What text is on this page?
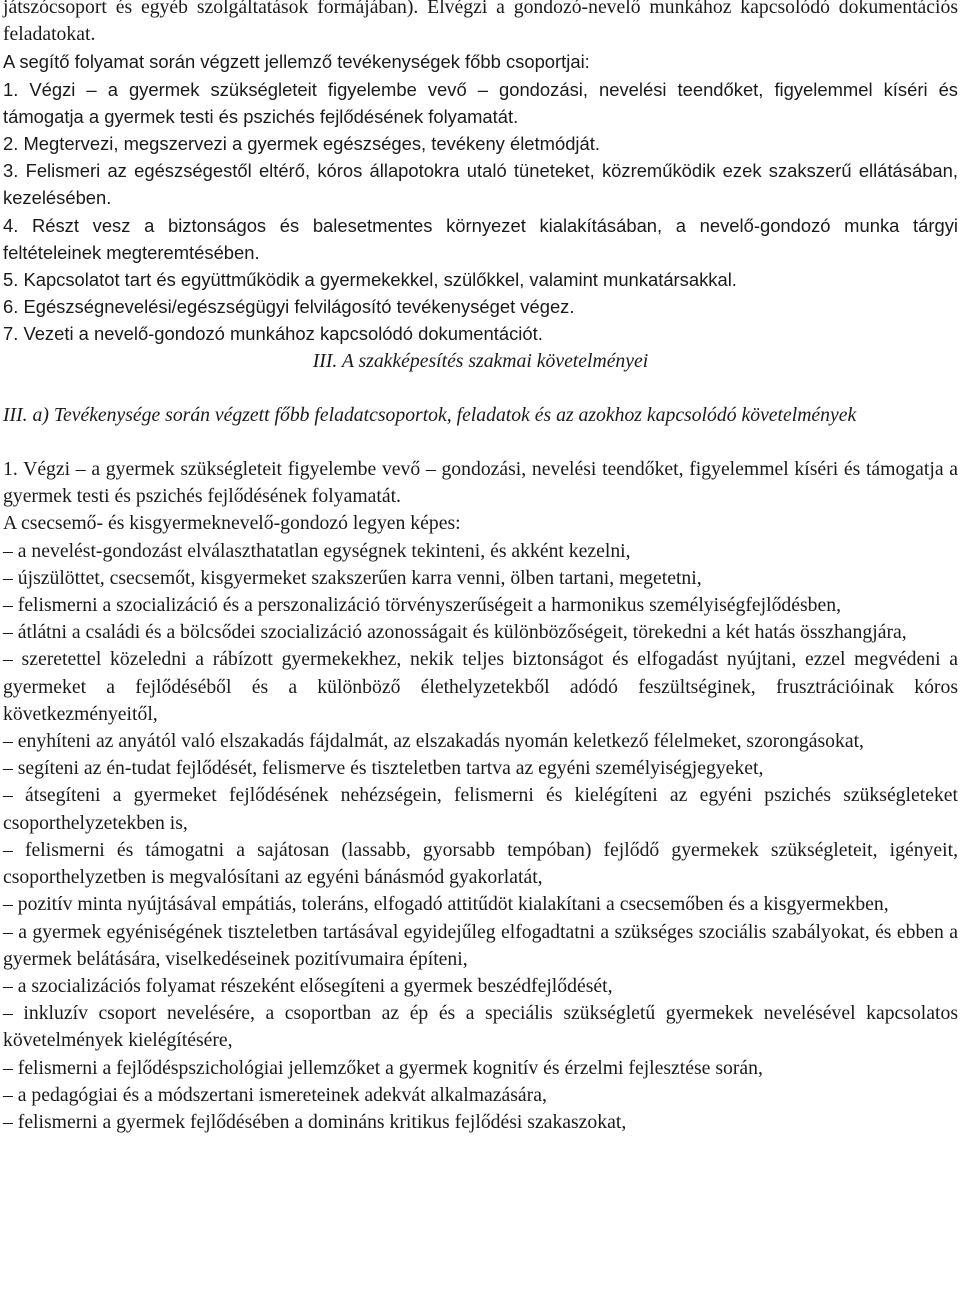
játszócsoport és egyéb szolgáltatások formájában). Elvégzi a gondozó-nevelő munkához kapcsolódó dokumentációs feladatokat.

A segítő folyamat során végzett jellemző tevékenységek főbb csoportjai:

1. Végzi – a gyermek szükségleteit figyelembe vevő – gondozási, nevelési teendőket, figyelemmel kíséri és támogatja a gyermek testi és pszichés fejlődésének folyamatát.

2. Megtervezi, megszervezi a gyermek egészséges, tevékeny életmódját.

3. Felismeri az egészségestől eltérő, kóros állapotokra utaló tüneteket, közreműködik ezek szakszerű ellátásában, kezelésében.

4. Részt vesz a biztonságos és balesetmentes környezet kialakításában, a nevelő-gondozó munka tárgyi feltételeinek megteremtésében.

5. Kapcsolatot tart és együttműködik a gyermekekkel, szülőkkel, valamint munkatársakkal.

6. Egészségnevelési/egészségügyi felvilágosító tevékenységet végez.

7. Vezeti a nevelő-gondozó munkához kapcsolódó dokumentációt.

III. A szakképesítés szakmai követelményei

III. a) Tevékenysége során végzett főbb feladatcsoportok, feladatok és az azokhoz kapcsolódó követelmények

1. Végzi – a gyermek szükségleteit figyelembe vevő – gondozási, nevelési teendőket, figyelemmel kíséri és támogatja a gyermek testi és pszichés fejlődésének folyamatát.

A csecsemő- és kisgyermeknevelő-gondozó legyen képes:

– a nevelést-gondozást elválaszthatatlan egységnek tekinteni, és akként kezelni,

– újszülöttet, csecsemőt, kisgyermeket szakszerűen karra venni, ölben tartani, megetetni,

– felismerni a szocializáció és a perszonalizáció törvényszerűségeit a harmonikus személyiségfejlődésben,

– átlátni a családi és a bölcsődei szocializáció azonosságait és különbözőségeit, törekedni a két hatás összhangjára,

– szeretettel közeledni a rábízott gyermekekhez, nekik teljes biztonságot és elfogadást nyújtani, ezzel megvédeni a gyermeket a fejlődéséből és a különböző élethelyzetekből adódó feszültséginek, frusztrációinak kóros következményeitől,

– enyhíteni az anyától való elszakadás fájdalmát, az elszakadás nyomán keletkező félelmeket, szorongásokat,

– segíteni az én-tudat fejlődését, felismerve és tiszteletben tartva az egyéni személyiségjegyeket,

– átsegíteni a gyermeket fejlődésének nehézségein, felismerni és kielégíteni az egyéni pszichés szükségleteket csoporthelyzetekben is,

– felismerni és támogatni a sajátosan (lassabb, gyorsabb tempóban) fejlődő gyermekek szükségleteit, igényeit, csoporthelyzetben is megvalósítani az egyéni bánásmód gyakorlatát,

– pozitív minta nyújtásával empátiás, toleráns, elfogadó attitűdöt kialakítani a csecsemőben és a kisgyermekben,

– a gyermek egyéniségének tiszteletben tartásával egyidejűleg elfogadtatni a szükséges szociális szabályokat, és ebben a gyermek belátására, viselkedéseinek pozitívumaira építeni,

– a szocializációs folyamat részeként elősegíteni a gyermek beszédfejlődését,

– inkluzív csoport nevelésére, a csoportban az ép és a speciális szükségletű gyermekek nevelésével kapcsolatos követelmények kielégítésére,

– felismerni a fejlődéspszichológiai jellemzőket a gyermek kognitív és érzelmi fejlesztése során,

– a pedagógiai és a módszertani ismereteinek adekvát alkalmazására,

– felismerni a gyermek fejlődésében a domináns kritikus fejlődési szakaszokat,
